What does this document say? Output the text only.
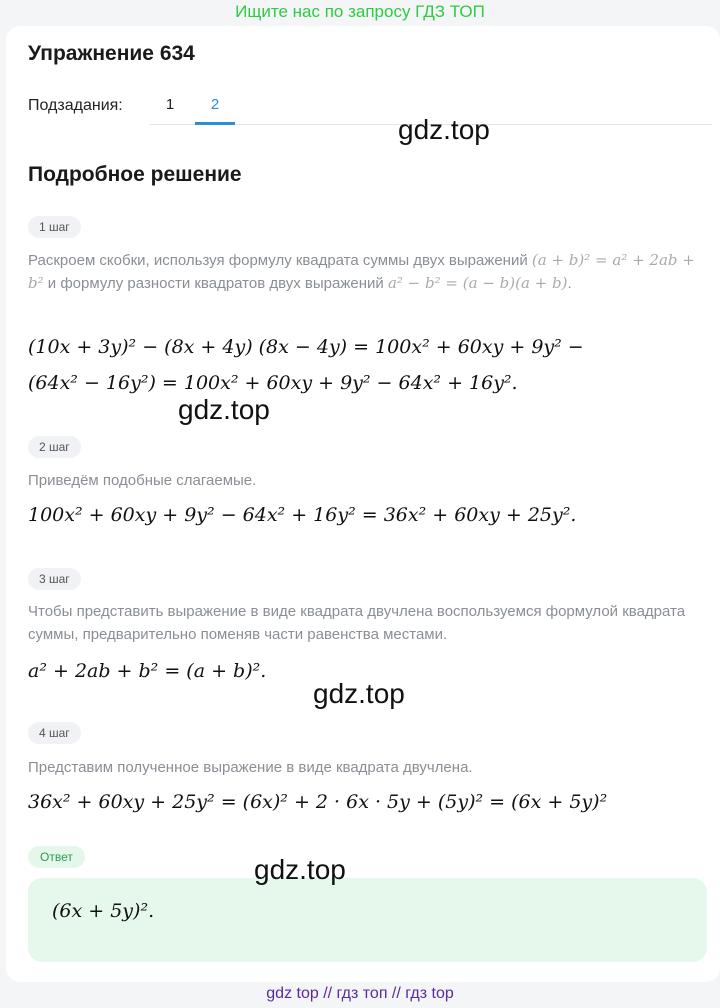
Ищите нас по запросу ГДЗ ТОП
Упражнение 634
Подзадания:	1	2
Подробное решение
1 шаг
Раскроем скобки, используя формулу квадрата суммы двух выражений (a + b)² = a² + 2ab + b² и формулу разности квадратов двух выражений a² − b² = (a − b)(a + b).
(10x + 3y)² − (8x + 4y) (8x − 4y) = 100x² + 60xy + 9y² −
(64x² − 16y²) = 100x² + 60xy + 9y² − 64x² + 16y².
2 шаг
Приведём подобные слагаемые.
100x² + 60xy + 9y² − 64x² + 16y² = 36x² + 60xy + 25y².
3 шаг
Чтобы представить выражение в виде квадрата двучлена воспользуемся формулой квадрата суммы, предварительно поменяв части равенства местами.
a² + 2ab + b² = (a + b)².
4 шаг
Представим полученное выражение в виде квадрата двучлена.
36x² + 60xy + 25y² = (6x)² + 2 · 6x · 5y + (5y)² = (6x + 5y)²
Ответ
(6x + 5y)².
gdz.top
gdz.top
gdz.top
gdz.top
gdz top // гдз топ // гдз top
